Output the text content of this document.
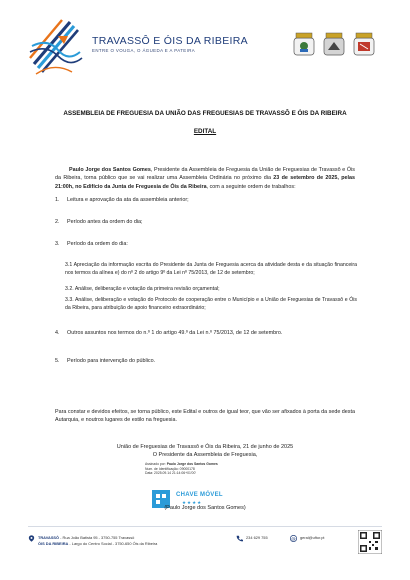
TRAVASSÔ E ÓIS DA RIBEIRA
ENTRE O VOUGA, O ÁGUEDA E A PATEIRA
ASSEMBLEIA DE FREGUESIA DA UNIÃO DAS FREGUESIAS DE TRAVASSÔ E ÓIS DA RIBEIRA
EDITAL
Paulo Jorge dos Santos Gomes, Presidente da Assembleia de Freguesia da União de Freguesias de Travassô e Óis da Ribeira, torna público que se vai realizar uma Assembleia Ordinária no próximo dia 23 de setembro de 2025, pelas 21:00h, no Edifício da Junta de Freguesia de Óis da Ribeira, com a seguinte ordem de trabalhos:
1. Leitura e aprovação da ata da assembleia anterior;
2. Período antes da ordem do dia;
3. Período da ordem do dia:
3.1 Apreciação da informação escrita do Presidente da Junta de Freguesia acerca da atividade desta e da situação financeira nos termos da alínea e) do nº 2 do artigo 9º da Lei nº 75/2013, de 12 de setembro;
3.2. Análise, deliberação e votação da primeira revisão orçamental;
3.3. Análise, deliberação e votação do Protocolo de cooperação entre o Município e a União de Freguesias de Travassô e Óis da Ribeira, para atribuição de apoio financeiro extraordinário;
4. Outros assuntos nos termos do n.º 1 do artigo 49.º da Lei n.º 75/2013, de 12 de setembro.
5. Período para intervenção do público.
Para constar e devidos efeitos, se torna público, este Edital e outros de igual teor, que vão ser afixados à porta da sede desta Autarquia, e noutros lugares de estilo na freguesia.
União de Freguesias de Travassô e Óis da Ribeira, 21 de junho de 2025
O Presidente da Assembleia de Freguesia,
Assinado por: Paulo Jorge dos Santos Gomes
Num. de Identificação: 09000178
Data: 2025.09.14 21:14:06+01'00'
CHAVE MÓVEL
★★★★
(Paulo Jorge dos Santos Gomes)
TRAVASSÔ - Rua João Batista 95 - 3750-755 Travassô
ÓIS DA RIBEIRA - Largo do Centro Social - 3750-650 Óis da Ribeira
234 629 755	@ geral@uftor.pt
